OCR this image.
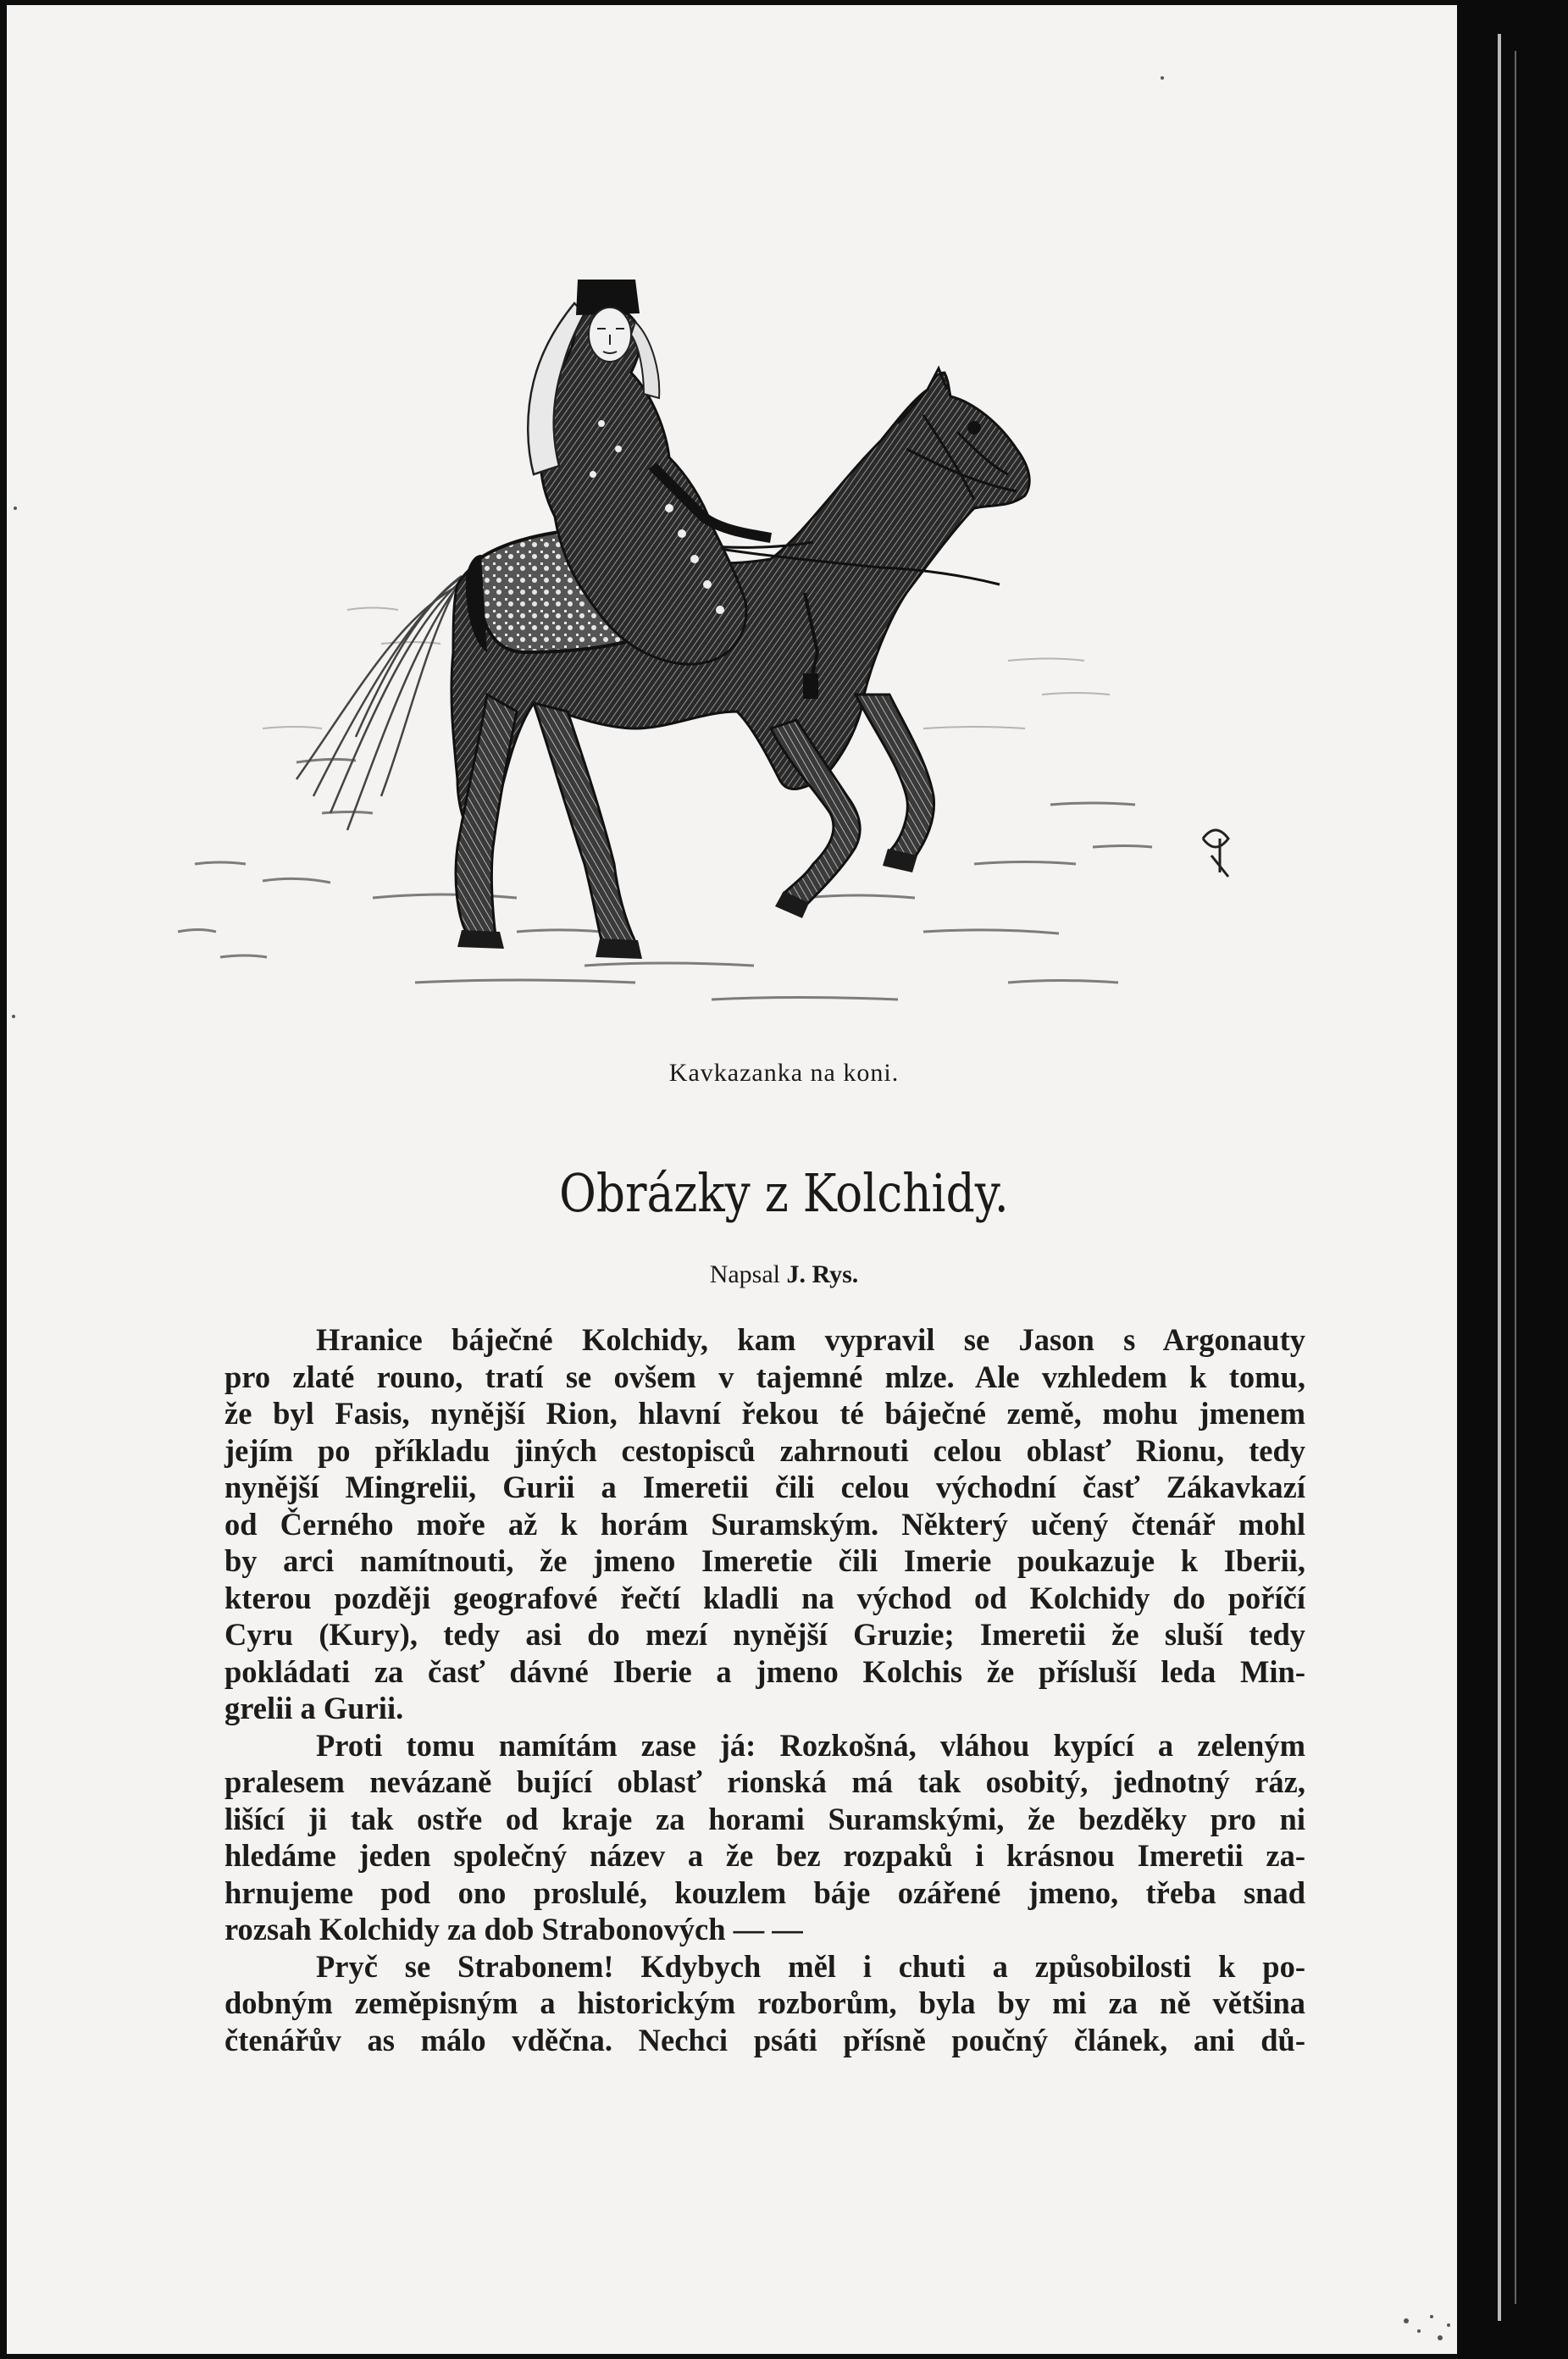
Kavkazanka na koni.
Obrázky z Kolchidy.
Napsal J. Rys.
Hranice báječné Kolchidy, kam vypravil se Jason s Argonauty
pro zlaté rouno, tratí se ovšem v tajemné mlze. Ale vzhledem k tomu,
že byl Fasis, nynější Rion, hlavní řekou té báječné země, mohu jmenem
jejím po příkladu jiných cestopisců zahrnouti celou oblasť Rionu, tedy
nynější Mingrelii, Gurii a Imeretii čili celou východní časť Zákavkazí
od Černého moře až k horám Suramským. Některý učený čtenář mohl
by arci namítnouti, že jmeno Imeretie čili Imerie poukazuje k Iberii,
kterou později geografové řečtí kladli na východ od Kolchidy do poříčí
Cyru (Kury), tedy asi do mezí nynější Gruzie; Imeretii že sluší tedy
pokládati za časť dávné Iberie a jmeno Kolchis že přísluší leda Min-
grelii a Gurii.
Proti tomu namítám zase já: Rozkošná, vláhou kypící a zeleným
pralesem nevázaně bující oblasť rionská má tak osobitý, jednotný ráz,
lišící ji tak ostře od kraje za horami Suramskými, že bezděky pro ni
hledáme jeden společný název a že bez rozpaků i krásnou Imeretii za-
hrnujeme pod ono proslulé, kouzlem báje ozářené jmeno, třeba snad
rozsah Kolchidy za dob Strabonových — —
Pryč se Strabonem! Kdybych měl i chuti a způsobilosti k po-
dobným zeměpisným a historickým rozborům, byla by mi za ně většina
čtenářův as málo vděčna. Nechci psáti přísně poučný článek, ani dů-
